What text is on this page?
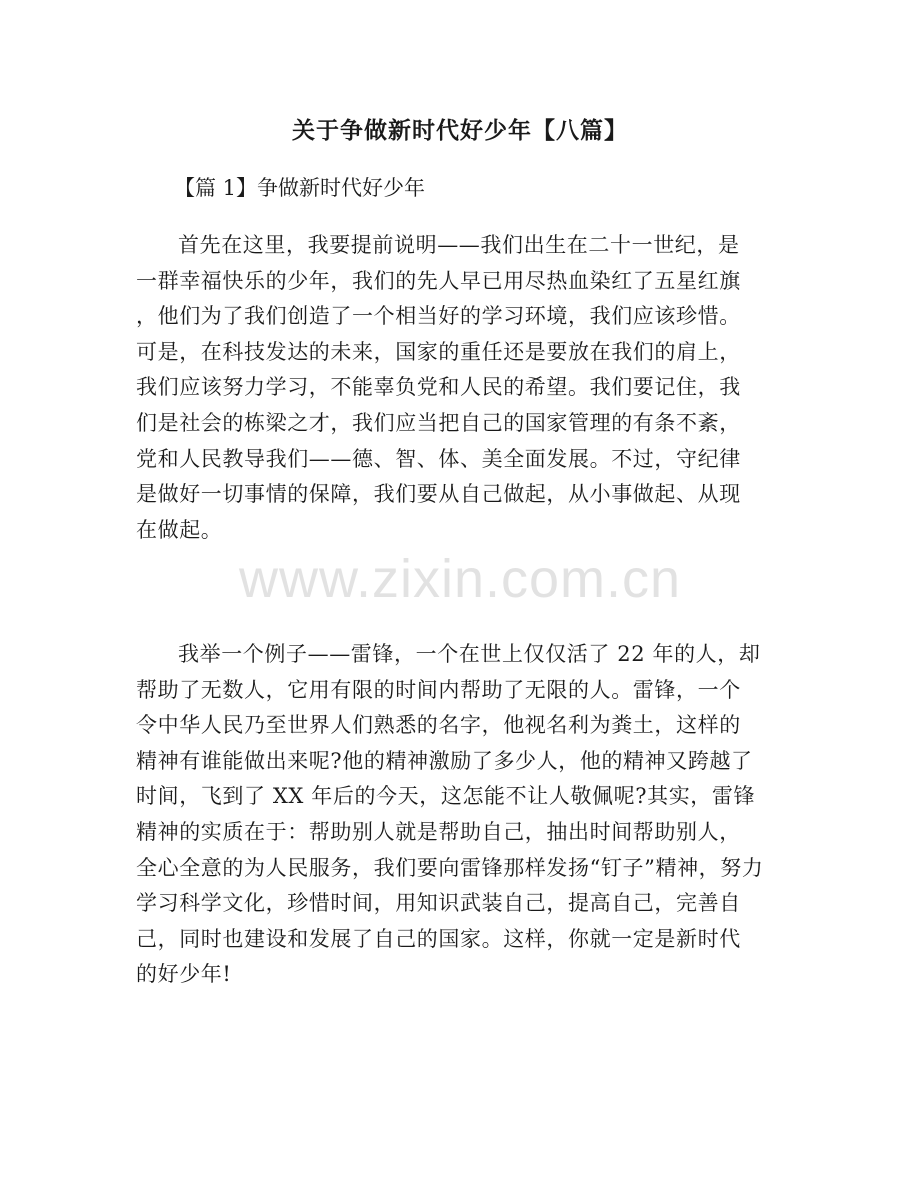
关于争做新时代好少年【八篇】

【篇 1】争做新时代好少年

首先在这里，我要提前说明——我们出生在二十一世纪，是
一群幸福快乐的少年，我们的先人早已用尽热血染红了五星红旗
，他们为了我们创造了一个相当好的学习环境，我们应该珍惜。
可是，在科技发达的未来，国家的重任还是要放在我们的肩上，
我们应该努力学习，不能辜负党和人民的希望。我们要记住，我
们是社会的栋梁之才，我们应当把自己的国家管理的有条不紊，
党和人民教导我们——德、智、体、美全面发展。不过，守纪律
是做好一切事情的保障，我们要从自己做起，从小事做起、从现
在做起。
我举一个例子——雷锋，一个在世上仅仅活了 22 年的人，却
帮助了无数人，它用有限的时间内帮助了无限的人。雷锋，一个
令中华人民乃至世界人们熟悉的名字，他视名利为粪土，这样的
精神有谁能做出来呢?他的精神激励了多少人，他的精神又跨越了
时间，飞到了 XX 年后的今天，这怎能不让人敬佩呢?其实，雷锋
精神的实质在于：帮助别人就是帮助自己，抽出时间帮助别人，
全心全意的为人民服务，我们要向雷锋那样发扬“钉子”精神，努力
学习科学文化，珍惜时间，用知识武装自己，提高自己，完善自
己，同时也建设和发展了自己的国家。这样，你就一定是新时代
的好少年!
www.zixin.com.cn
